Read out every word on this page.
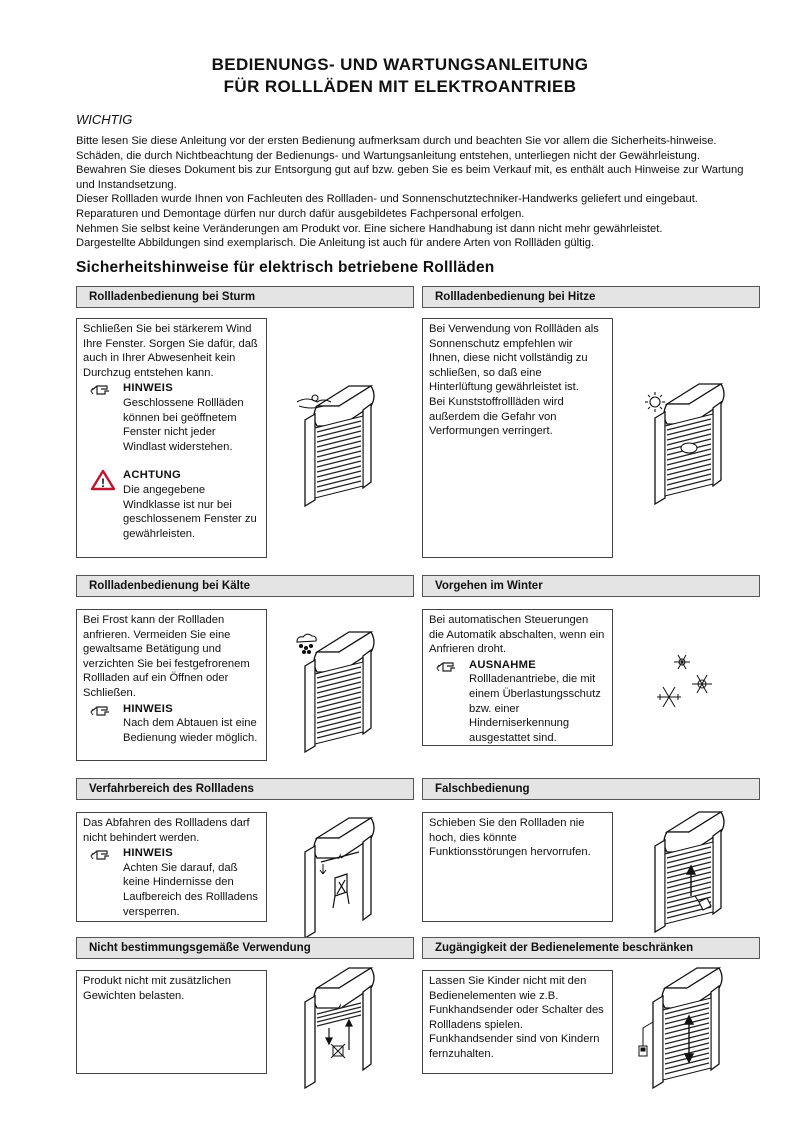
BEDIENUNGS- UND WARTUNGSANLEITUNG
FÜR ROLLLÄDEN MIT ELEKTROANTRIEB
WICHTIG

Bitte lesen Sie diese Anleitung vor der ersten Bedienung aufmerksam durch und beachten Sie vor allem die Sicherheits-hinweise. Schäden, die durch Nichtbeachtung der Bedienungs- und Wartungsanleitung entstehen, unterliegen nicht der Gewährleistung. Bewahren Sie dieses Dokument bis zur Entsorgung gut auf bzw. geben Sie es beim Verkauf mit, es enthält auch Hinweise zur Wartung und Instandsetzung.

Dieser Rollladen wurde Ihnen von Fachleuten des Rollladen- und Sonnenschutztechniker-Handwerks geliefert und eingebaut. Reparaturen und Demontage dürfen nur durch dafür ausgebildetes Fachpersonal erfolgen.

Nehmen Sie selbst keine Veränderungen am Produkt vor. Eine sichere Handhabung ist dann nicht mehr gewährleistet.

Dargestellte Abbildungen sind exemplarisch. Die Anleitung ist auch für andere Arten von Rollläden gültig.

Sicherheitshinweise für elektrisch betriebene Rollläden
Rollladenbedienung bei Sturm	Rollladenbedienung bei Hitze

Schließen Sie bei stärkerem Wind Ihre Fenster. Sorgen Sie dafür, daß auch in Ihrer Abwesenheit kein Durchzug entstehen kann.

HINWEIS
Geschlossene Rollläden können bei geöffnetem Fenster nicht jeder Windlast widerstehen.
!
ACHTUNG
Die angegebene Windklasse ist nur bei geschlossenem Fenster zu gewährleisten.

Bei Verwendung von Rollläden als Sonnenschutz empfehlen wir Ihnen, diese nicht vollständig zu schließen, so daß eine Hinterlüftung gewährleistet ist.

Bei Kunststoffrollläden wird außerdem die Gefahr von Verformungen verringert.

Rollladenbedienung bei Kälte	Vorgehen im Winter

Bei Frost kann der Rollladen anfrieren. Vermeiden Sie eine gewaltsame Betätigung und verzichten Sie bei festgefrorenem Rollladen auf ein Öffnen oder Schließen.

HINWEIS
Nach dem Abtauen ist eine Bedienung wieder möglich.

Bei automatischen Steuerungen die Automatik abschalten, wenn ein Anfrieren droht.

AUSNAHME
Rollladenantriebe, die mit einem Überlastungsschutz bzw. einer Hinderniserkennung ausgestattet sind.
Verfahrbereich des Rollladens	Falschbedienung

Das Abfahren des Rollladens darf nicht behindert werden.

HINWEIS
Achten Sie darauf, daß keine Hindernisse den Laufbereich des Rollladens versperren.

Schieben Sie den Rollladen nie hoch, dies könnte Funktionsstörungen hervorrufen.

Nicht bestimmungsgemäße Verwendung	Zugängigkeit der Bedienelemente beschränken

Produkt nicht mit zusätzlichen Gewichten belasten.

Lassen Sie Kinder nicht mit den Bedienelementen wie z.B. Funkhandsender oder Schalter des Rollladens spielen. Funkhandsender sind von Kindern fernzuhalten.
